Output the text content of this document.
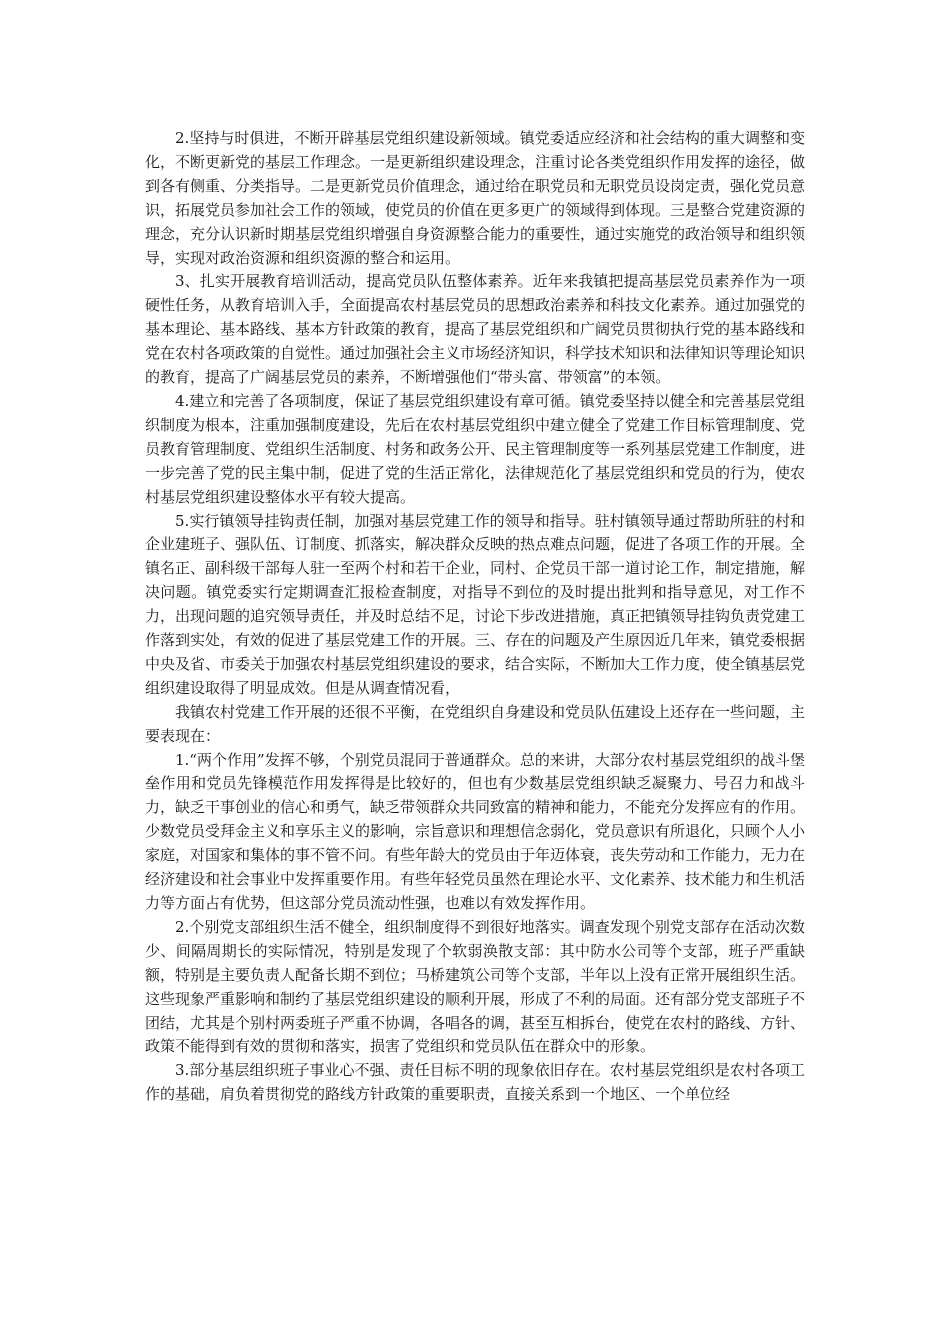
2.坚持与时俱进，不断开辟基层党组织建设新领域。镇党委适应经济和社会结构的重大调整和变化，不断更新党的基层工作理念。一是更新组织建设理念，注重讨论各类党组织作用发挥的途径，做到各有侧重、分类指导。二是更新党员价值理念，通过给在职党员和无职党员设岗定责，强化党员意识，拓展党员参加社会工作的领域，使党员的价值在更多更广的领域得到体现。三是整合党建资源的理念，充分认识新时期基层党组织增强自身资源整合能力的重要性，通过实施党的政治领导和组织领导，实现对政治资源和组织资源的整合和运用。

3、扎实开展教育培训活动，提高党员队伍整体素养。近年来我镇把提高基层党员素养作为一项硬性任务，从教育培训入手，全面提高农村基层党员的思想政治素养和科技文化素养。通过加强党的基本理论、基本路线、基本方针政策的教育，提高了基层党组织和广阔党员贯彻执行党的基本路线和党在农村各项政策的自觉性。通过加强社会主义市场经济知识，科学技术知识和法律知识等理论知识的教育，提高了广阔基层党员的素养，不断增强他们“带头富、带领富”的本领。

4.建立和完善了各项制度，保证了基层党组织建设有章可循。镇党委坚持以健全和完善基层党组织制度为根本，注重加强制度建设，先后在农村基层党组织中建立健全了党建工作目标管理制度、党员教育管理制度、党组织生活制度、村务和政务公开、民主管理制度等一系列基层党建工作制度，进一步完善了党的民主集中制，促进了党的生活正常化，法律规范化了基层党组织和党员的行为，使农村基层党组织建设整体水平有较大提高。

5.实行镇领导挂钩责任制，加强对基层党建工作的领导和指导。驻村镇领导通过帮助所驻的村和企业建班子、强队伍、订制度、抓落实，解决群众反映的热点难点问题，促进了各项工作的开展。全镇名正、副科级干部每人驻一至两个村和若干企业，同村、企党员干部一道讨论工作，制定措施，解决问题。镇党委实行定期调查汇报检查制度，对指导不到位的及时提出批判和指导意见，对工作不力，出现问题的追究领导责任，并及时总结不足，讨论下步改进措施，真正把镇领导挂钩负责党建工作落到实处，有效的促进了基层党建工作的开展。三、存在的问题及产生原因近几年来，镇党委根据中央及省、市委关于加强农村基层党组织建设的要求，结合实际，不断加大工作力度，使全镇基层党组织建设取得了明显成效。但是从调查情况看，

我镇农村党建工作开展的还很不平衡，在党组织自身建设和党员队伍建设上还存在一些问题，主要表现在：

1.“两个作用”发挥不够，个别党员混同于普通群众。总的来讲，大部分农村基层党组织的战斗堡垒作用和党员先锋模范作用发挥得是比较好的，但也有少数基层党组织缺乏凝聚力、号召力和战斗力，缺乏干事创业的信心和勇气，缺乏带领群众共同致富的精神和能力，不能充分发挥应有的作用。少数党员受拜金主义和享乐主义的影响，宗旨意识和理想信念弱化，党员意识有所退化，只顾个人小家庭，对国家和集体的事不管不问。有些年龄大的党员由于年迈体衰，丧失劳动和工作能力，无力在经济建设和社会事业中发挥重要作用。有些年轻党员虽然在理论水平、文化素养、技术能力和生机活力等方面占有优势，但这部分党员流动性强，也难以有效发挥作用。

2.个别党支部组织生活不健全，组织制度得不到很好地落实。调查发现个别党支部存在活动次数少、间隔周期长的实际情况，特别是发现了个软弱涣散支部：其中防水公司等个支部，班子严重缺额，特别是主要负责人配备长期不到位；马桥建筑公司等个支部，半年以上没有正常开展组织生活。这些现象严重影响和制约了基层党组织建设的顺利开展，形成了不利的局面。还有部分党支部班子不团结，尤其是个别村两委班子严重不协调，各唱各的调，甚至互相拆台，使党在农村的路线、方针、政策不能得到有效的贯彻和落实，损害了党组织和党员队伍在群众中的形象。

3.部分基层组织班子事业心不强、责任目标不明的现象依旧存在。农村基层党组织是农村各项工作的基础，肩负着贯彻党的路线方针政策的重要职责，直接关系到一个地区、一个单位经
